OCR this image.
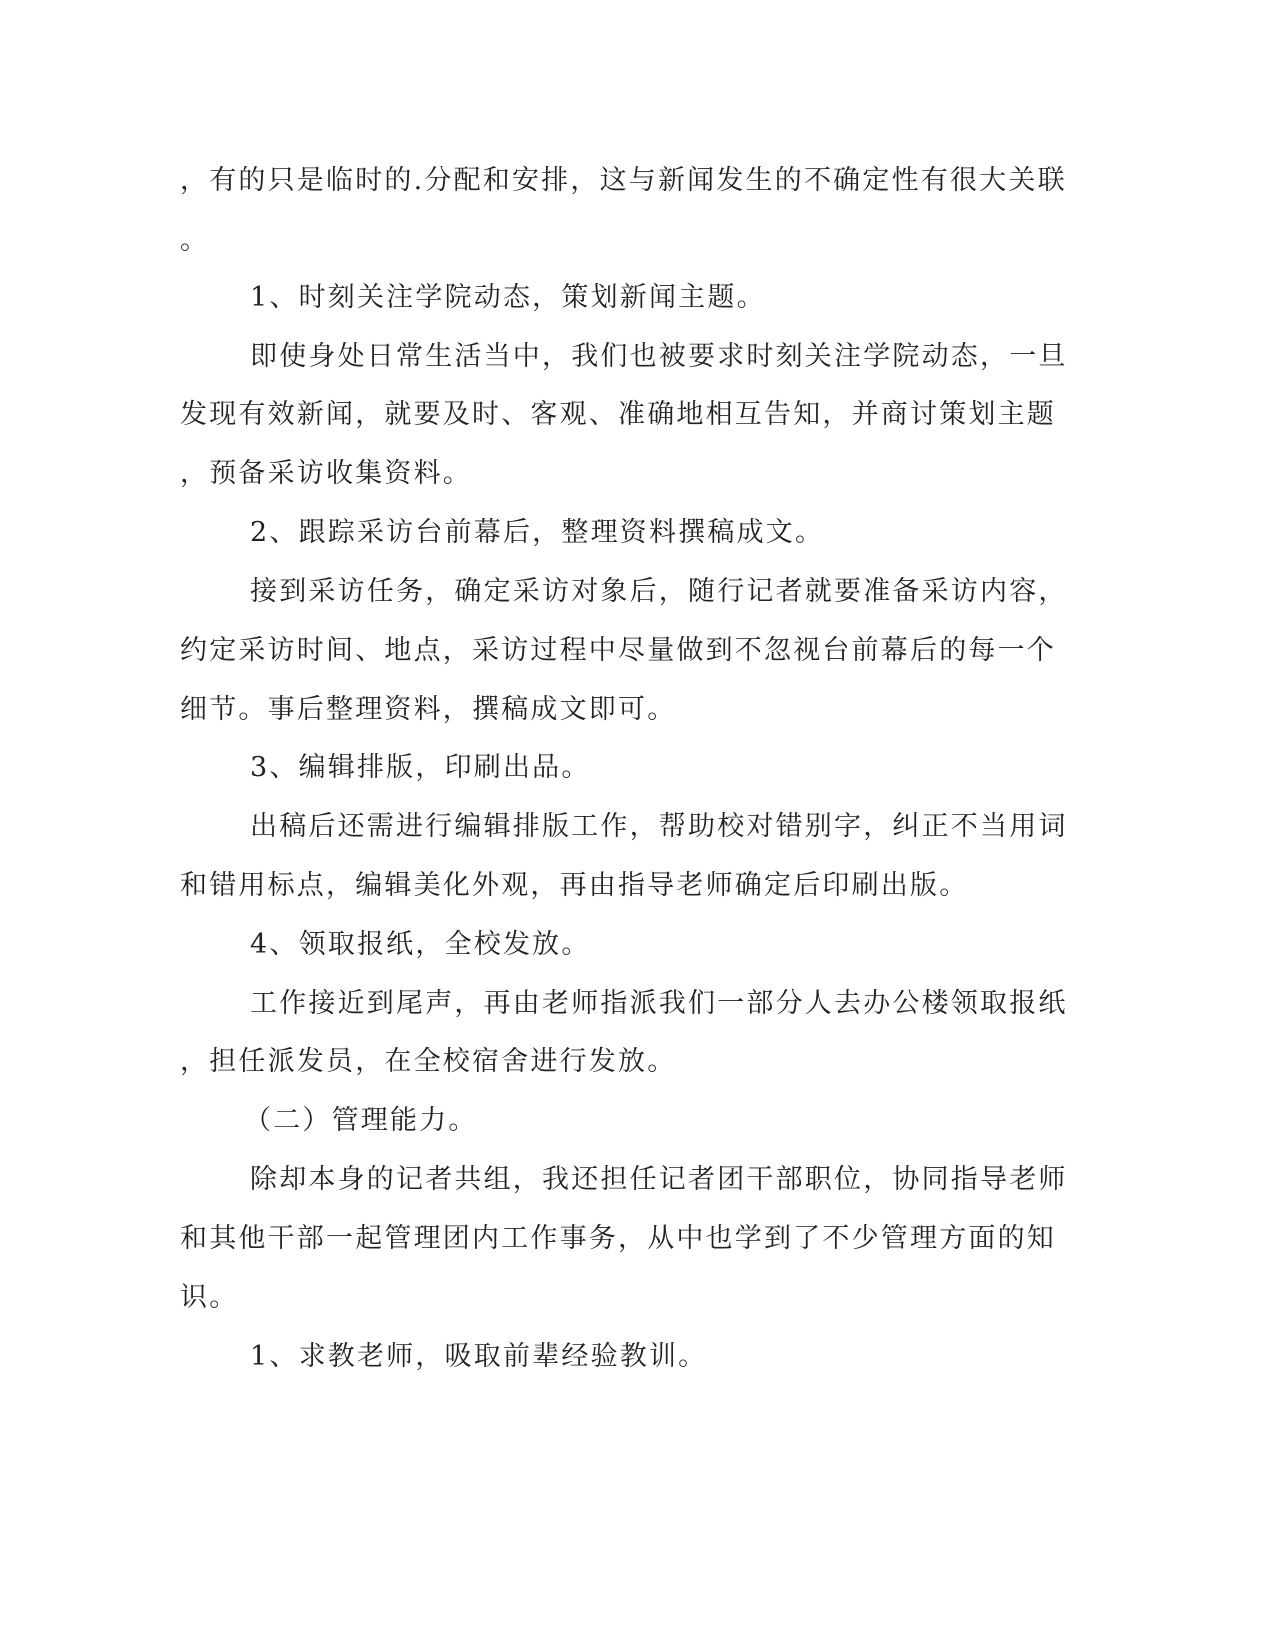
，有的只是临时的.分配和安排，这与新闻发生的不确定性有很大关联
。
1、时刻关注学院动态，策划新闻主题。
即使身处日常生活当中，我们也被要求时刻关注学院动态，一旦
发现有效新闻，就要及时、客观、准确地相互告知，并商讨策划主题
，预备采访收集资料。
2、跟踪采访台前幕后，整理资料撰稿成文。
接到采访任务，确定采访对象后，随行记者就要准备采访内容，
约定采访时间、地点，采访过程中尽量做到不忽视台前幕后的每一个
细节。事后整理资料，撰稿成文即可。
3、编辑排版，印刷出品。
出稿后还需进行编辑排版工作，帮助校对错别字，纠正不当用词
和错用标点，编辑美化外观，再由指导老师确定后印刷出版。
4、领取报纸，全校发放。
工作接近到尾声，再由老师指派我们一部分人去办公楼领取报纸
，担任派发员，在全校宿舍进行发放。
（二）管理能力。
除却本身的记者共组，我还担任记者团干部职位，协同指导老师
和其他干部一起管理团内工作事务，从中也学到了不少管理方面的知
识。
1、求教老师，吸取前辈经验教训。
